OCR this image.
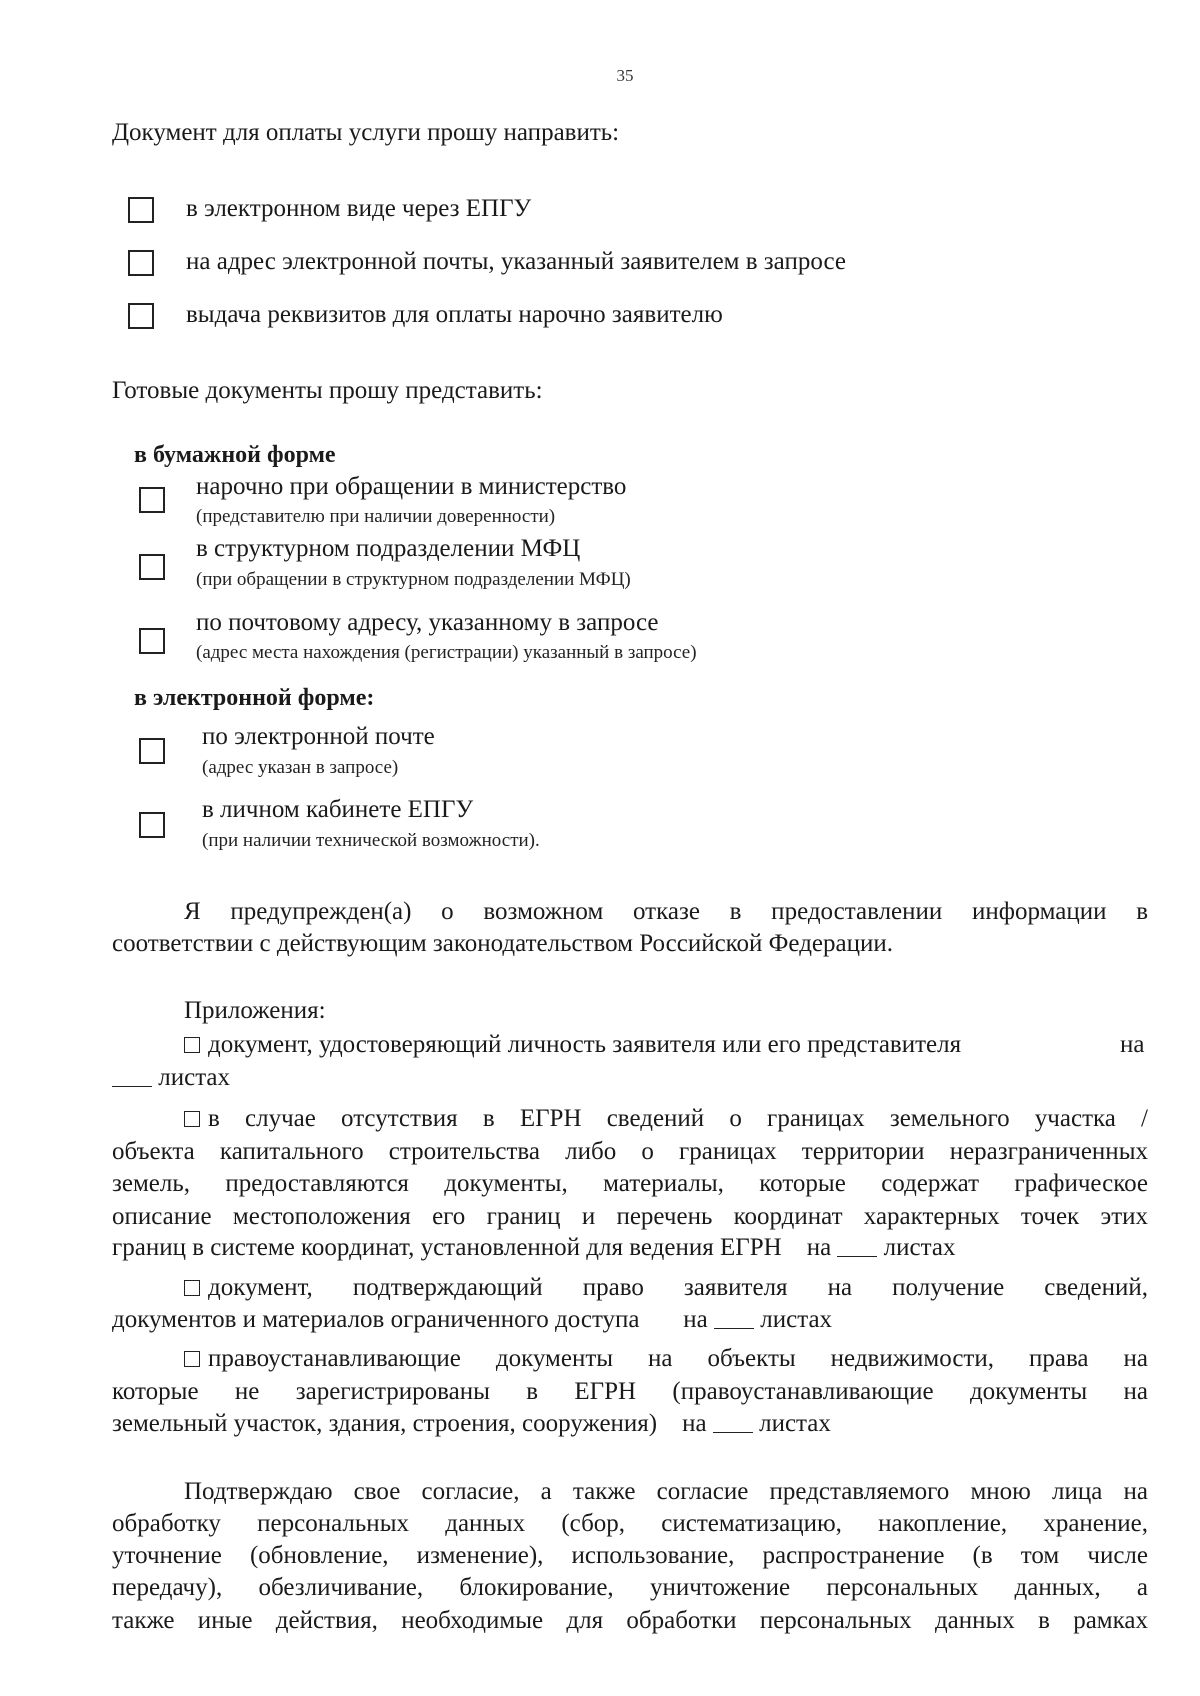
35
Документ для оплаты услуги прошу направить:
в электронном виде через ЕПГУ
на адрес электронной почты, указанный заявителем в запросе
выдача реквизитов для оплаты нарочно заявителю
Готовые документы прошу представить:
в бумажной форме
нарочно при обращении в министерство
(представителю при наличии доверенности)
в структурном подразделении МФЦ
(при обращении в структурном подразделении МФЦ)
по почтовому адресу, указанному в запросе
(адрес места нахождения (регистрации) указанный в запросе)
в электронной форме:
по электронной почте
(адрес указан в запросе)
в личном кабинете ЕПГУ
(при наличии технической возможности).
Я предупрежден(а) о возможном отказе в предоставлении информации в
соответствии с действующим законодательством Российской Федерации.
Приложения:
документ, удостоверяющий личность заявителя или его представителя	на
листах
в случае отсутствия в ЕГРН сведений о границах земельного участка /
объекта капитального строительства либо о границах территории неразграниченных
земель, предоставляются документы, материалы, которые содержат графическое
описание местоположения его границ и перечень координат характерных точек этих
границ в системе координат, установленной для ведения ЕГРН на листах
документ, подтверждающий право заявителя на получение сведений,
документов и материалов ограниченного доступа на листах
правоустанавливающие документы на объекты недвижимости, права на
которые не зарегистрированы в ЕГРН (правоустанавливающие документы на
земельный участок, здания, строения, сооружения) на листах
Подтверждаю свое согласие, а также согласие представляемого мною лица на
обработку персональных данных (сбор, систематизацию, накопление, хранение,
уточнение (обновление, изменение), использование, распространение (в том числе
передачу), обезличивание, блокирование, уничтожение персональных данных, а
также иные действия, необходимые для обработки персональных данных в рамках
